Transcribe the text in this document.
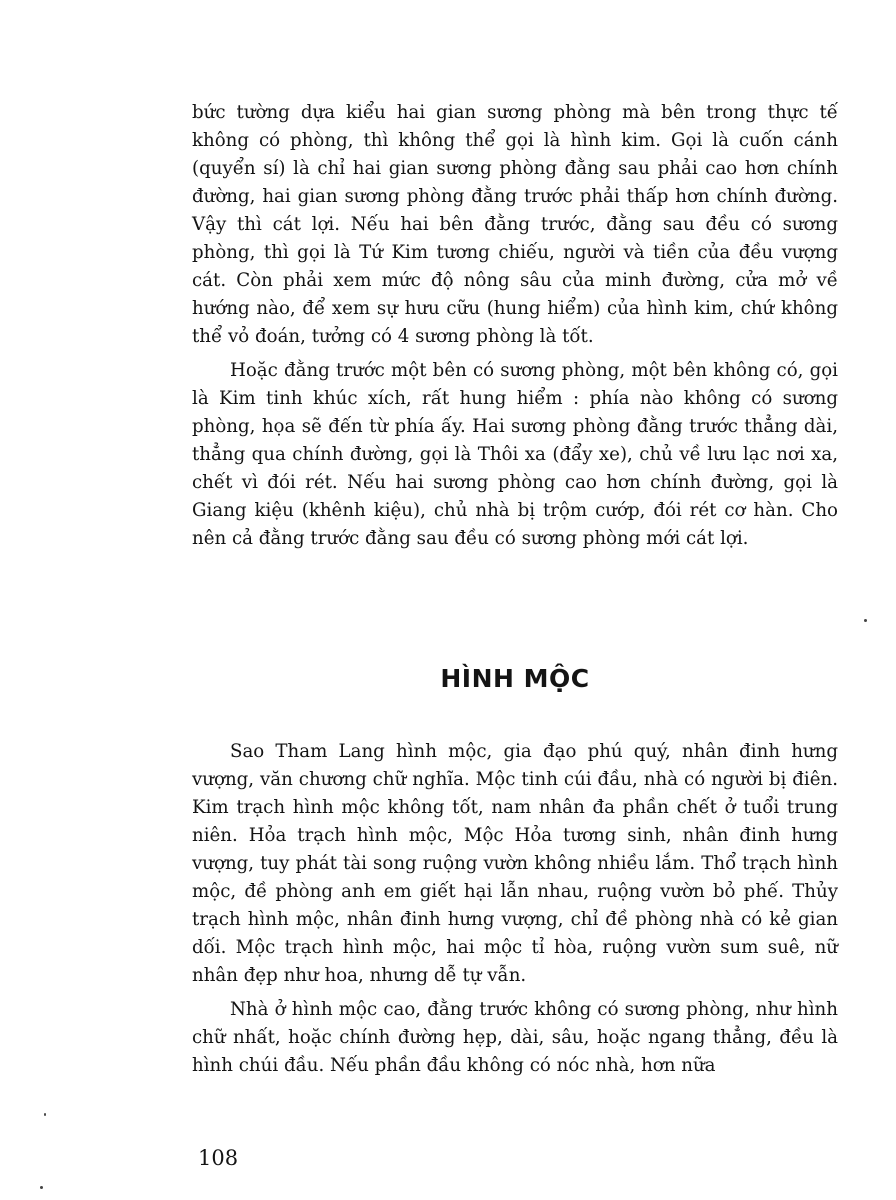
bức tường dựa kiểu hai gian sương phòng mà bên trong thực tế không có phòng, thì không thể gọi là hình kim. Gọi là cuốn cánh (quyển sí) là chỉ hai gian sương phòng đằng sau phải cao hơn chính đường, hai gian sương phòng đằng trước phải thấp hơn chính đường. Vậy thì cát lợi. Nếu hai bên đằng trước, đằng sau đều có sương phòng, thì gọi là Tứ Kim tương chiếu, người và tiền của đều vượng cát. Còn phải xem mức độ nông sâu của minh đường, cửa mở về hướng nào, để xem sự hưu cữu (hung hiểm) của hình kim, chứ không thể vỏ đoán, tưởng có 4 sương phòng là tốt.

Hoặc đằng trước một bên có sương phòng, một bên không có, gọi là Kim tinh khúc xích, rất hung hiểm : phía nào không có sương phòng, họa sẽ đến từ phía ấy. Hai sương phòng đằng trước thẳng dài, thẳng qua chính đường, gọi là Thôi xa (đẩy xe), chủ về lưu lạc nơi xa, chết vì đói rét. Nếu hai sương phòng cao hơn chính đường, gọi là Giang kiệu (khênh kiệu), chủ nhà bị trộm cướp, đói rét cơ hàn. Cho nên cả đằng trước đằng sau đều có sương phòng mới cát lợi.

HÌNH MỘC

Sao Tham Lang hình mộc, gia đạo phú quý, nhân đinh hưng vượng, văn chương chữ nghĩa. Mộc tinh cúi đầu, nhà có người bị điên. Kim trạch hình mộc không tốt, nam nhân đa phần chết ở tuổi trung niên. Hỏa trạch hình mộc, Mộc Hỏa tương sinh, nhân đinh hưng vượng, tuy phát tài song ruộng vườn không nhiều lắm. Thổ trạch hình mộc, đề phòng anh em giết hại lẫn nhau, ruộng vườn bỏ phế. Thủy trạch hình mộc, nhân đinh hưng vượng, chỉ đề phòng nhà có kẻ gian dối. Mộc trạch hình mộc, hai mộc tỉ hòa, ruộng vườn sum suê, nữ nhân đẹp như hoa, nhưng dễ tự vẫn.

Nhà ở hình mộc cao, đằng trước không có sương phòng, như hình chữ nhất, hoặc chính đường hẹp, dài, sâu, hoặc ngang thẳng, đều là hình chúi đầu. Nếu phần đầu không có nóc nhà, hơn nữa

108
